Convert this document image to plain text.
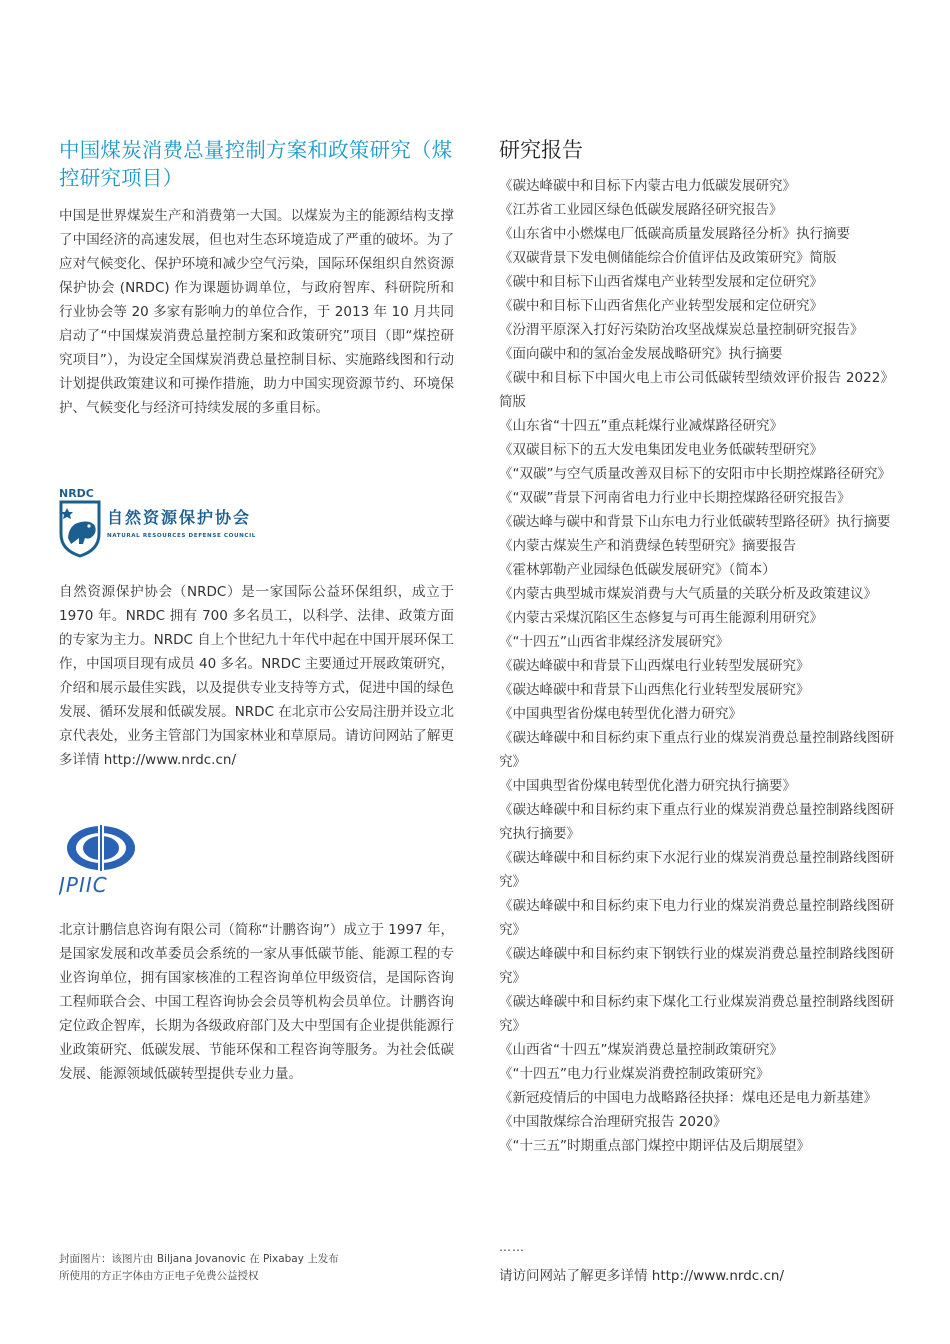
中国煤炭消费总量控制方案和政策研究（煤控研究项目）

中国是世界煤炭生产和消费第一大国。以煤炭为主的能源结构支撑了中国经济的高速发展，但也对生态环境造成了严重的破坏。为了应对气候变化、保护环境和减少空气污染，国际环保组织自然资源保护协会 (NRDC) 作为课题协调单位，与政府智库、科研院所和行业协会等 20 多家有影响力的单位合作，于 2013 年 10 月共同启动了“中国煤炭消费总量控制方案和政策研究”项目（即“煤控研究项目”），为设定全国煤炭消费总量控制目标、实施路线图和行动计划提供政策建议和可操作措施，助力中国实现资源节约、环境保护、气候变化与经济可持续发展的多重目标。

NRDC
自然资源保护协会
NATURAL RESOURCES DEFENSE COUNCIL

自然资源保护协会（NRDC）是一家国际公益环保组织，成立于 1970 年。NRDC 拥有 700 多名员工，以科学、法律、政策方面的专家为主力。NRDC 自上个世纪九十年代中起在中国开展环保工作，中国项目现有成员 40 多名。NRDC 主要通过开展政策研究，介绍和展示最佳实践，以及提供专业支持等方式，促进中国的绿色发展、循环发展和低碳发展。NRDC 在北京市公安局注册并设立北京代表处，业务主管部门为国家林业和草原局。请访问网站了解更多详情 http://www.nrdc.cn/

JPIIC

北京计鹏信息咨询有限公司（简称“计鹏咨询”）成立于 1997 年，是国家发展和改革委员会系统的一家从事低碳节能、能源工程的专业咨询单位，拥有国家核准的工程咨询单位甲级资信，是国际咨询工程师联合会、中国工程咨询协会会员等机构会员单位。计鹏咨询定位政企智库，长期为各级政府部门及大中型国有企业提供能源行业政策研究、低碳发展、节能环保和工程咨询等服务。为社会低碳发展、能源领域低碳转型提供专业力量。

封面图片：该图片由 Biljana Jovanovic 在 Pixabay 上发布
所使用的方正字体由方正电子免费公益授权
研究报告
《碳达峰碳中和目标下内蒙古电力低碳发展研究》
《江苏省工业园区绿色低碳发展路径研究报告》
《山东省中小燃煤电厂低碳高质量发展路径分析》执行摘要
《双碳背景下发电侧储能综合价值评估及政策研究》简版
《碳中和目标下山西省煤电产业转型发展和定位研究》
《碳中和目标下山西省焦化产业转型发展和定位研究》
《汾渭平原深入打好污染防治攻坚战煤炭总量控制研究报告》
《面向碳中和的氢冶金发展战略研究》执行摘要
《碳中和目标下中国火电上市公司低碳转型绩效评价报告 2022》简版
《山东省“十四五”重点耗煤行业减煤路径研究》
《双碳目标下的五大发电集团发电业务低碳转型研究》
《“双碳”与空气质量改善双目标下的安阳市中长期控煤路径研究》
《“双碳”背景下河南省电力行业中长期控煤路径研究报告》
《碳达峰与碳中和背景下山东电力行业低碳转型路径研》执行摘要
《内蒙古煤炭生产和消费绿色转型研究》摘要报告
《霍林郭勒产业园绿色低碳发展研究》（简本）
《内蒙古典型城市煤炭消费与大气质量的关联分析及政策建议》
《内蒙古采煤沉陷区生态修复与可再生能源利用研究》
《“十四五”山西省非煤经济发展研究》
《碳达峰碳中和背景下山西煤电行业转型发展研究》
《碳达峰碳中和背景下山西焦化行业转型发展研究》
《中国典型省份煤电转型优化潜力研究》
《碳达峰碳中和目标约束下重点行业的煤炭消费总量控制路线图研究》
《中国典型省份煤电转型优化潜力研究执行摘要》
《碳达峰碳中和目标约束下重点行业的煤炭消费总量控制路线图研究执行摘要》
《碳达峰碳中和目标约束下水泥行业的煤炭消费总量控制路线图研究》
《碳达峰碳中和目标约束下电力行业的煤炭消费总量控制路线图研究》
《碳达峰碳中和目标约束下钢铁行业的煤炭消费总量控制路线图研究》
《碳达峰碳中和目标约束下煤化工行业煤炭消费总量控制路线图研究》
《山西省“十四五”煤炭消费总量控制政策研究》
《“十四五”电力行业煤炭消费控制政策研究》
《新冠疫情后的中国电力战略路径抉择：煤电还是电力新基建》
《中国散煤综合治理研究报告 2020》
《“十三五”时期重点部门煤控中期评估及后期展望》
……
请访问网站了解更多详情 http://www.nrdc.cn/
